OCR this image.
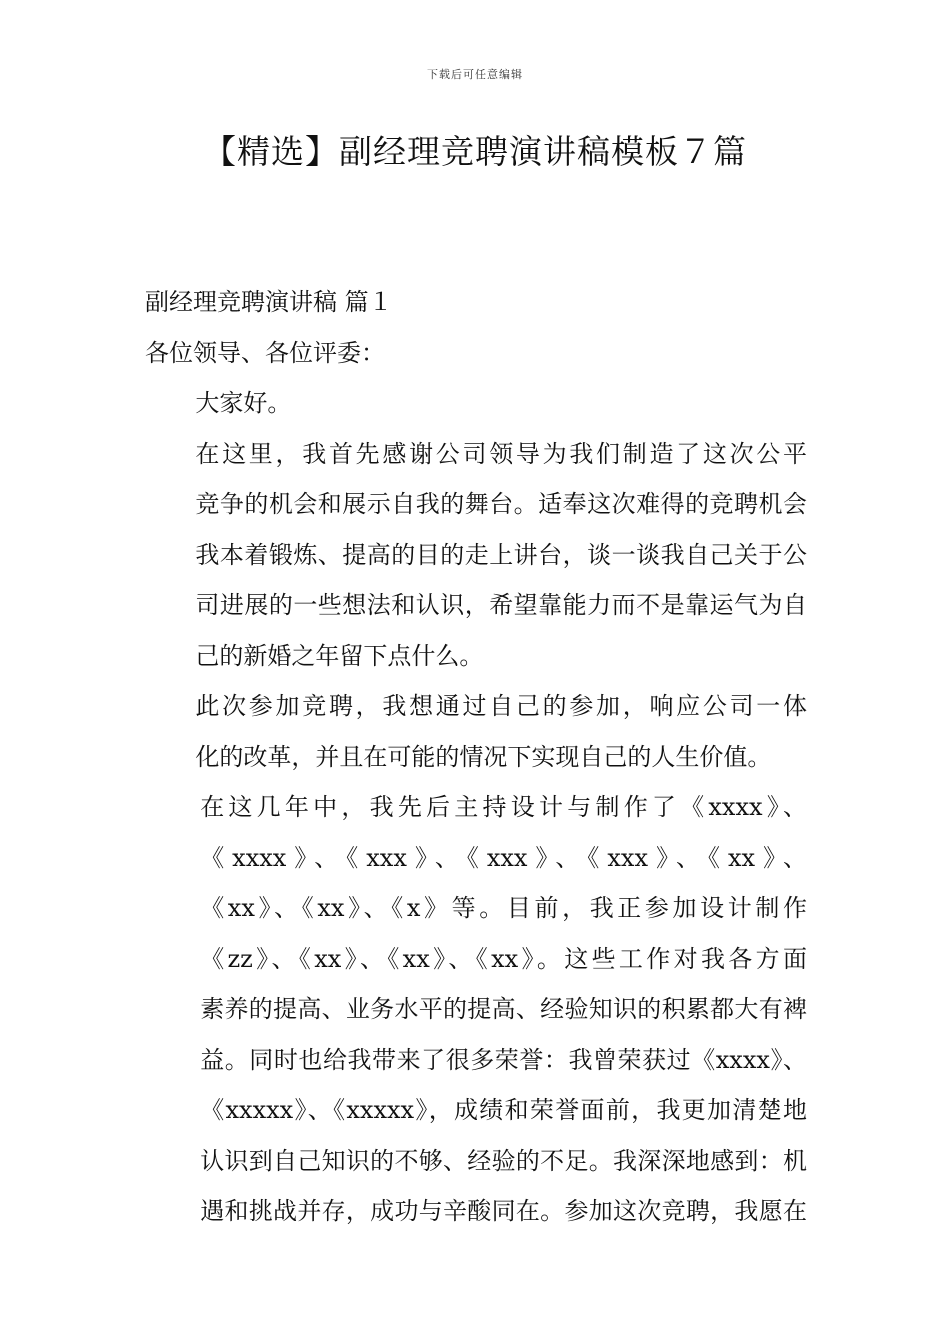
下载后可任意编辑
【精选】副经理竞聘演讲稿模板７篇

副经理竞聘演讲稿 篇１

各位领导、各位评委：

大家好。

在这里，我首先感谢公司领导为我们制造了这次公平
竞争的机会和展示自我的舞台。适奉这次难得的竞聘机会
我本着锻炼、提高的目的走上讲台，谈一谈我自己关于公
司进展的一些想法和认识，希望靠能力而不是靠运气为自
己的新婚之年留下点什么。

此次参加竞聘，我想通过自己的参加，响应公司一体
化的改革，并且在可能的情况下实现自己的人生价值。

在这几年中，我先后主持设计与制作了《xxxx》、
《xxxx》、《xxx》、《xxx》、《xxx》、《xx》、
《xx》、《xx》、《x》等。目前，我正参加设计制作
《zz》、《xx》、《xx》、《xx》。这些工作对我各方面
素养的提高、业务水平的提高、经验知识的积累都大有裨
益。同时也给我带来了很多荣誉：我曾荣获过《xxxx》、
《xxxxx》、《xxxxx》，成绩和荣誉面前，我更加清楚地
认识到自己知识的不够、经验的不足。我深深地感到：机
遇和挑战并存，成功与辛酸同在。参加这次竞聘，我愿在
